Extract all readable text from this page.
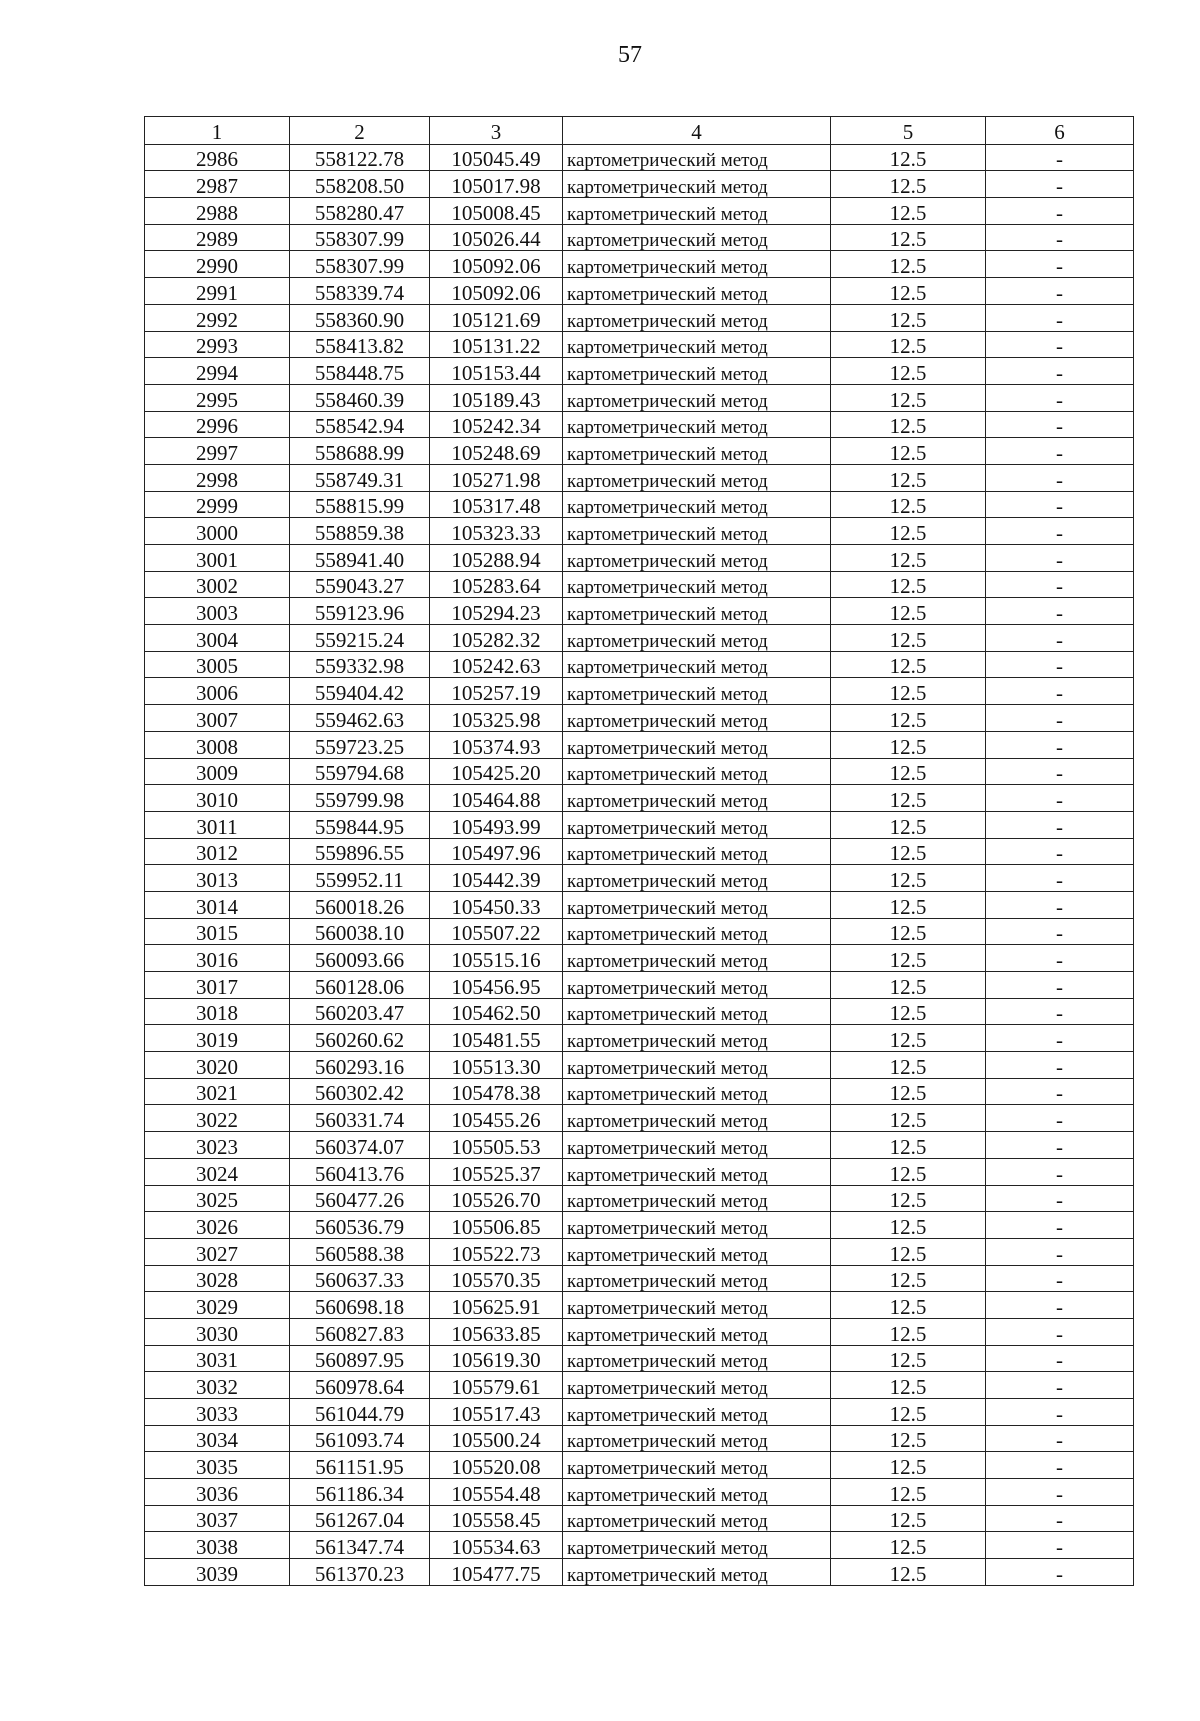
57
1	2	3	4	5	6
2986	558122.78	105045.49	картометрический метод	12.5	-
2987	558208.50	105017.98	картометрический метод	12.5	-
2988	558280.47	105008.45	картометрический метод	12.5	-
2989	558307.99	105026.44	картометрический метод	12.5	-
2990	558307.99	105092.06	картометрический метод	12.5	-
2991	558339.74	105092.06	картометрический метод	12.5	-
2992	558360.90	105121.69	картометрический метод	12.5	-
2993	558413.82	105131.22	картометрический метод	12.5	-
2994	558448.75	105153.44	картометрический метод	12.5	-
2995	558460.39	105189.43	картометрический метод	12.5	-
2996	558542.94	105242.34	картометрический метод	12.5	-
2997	558688.99	105248.69	картометрический метод	12.5	-
2998	558749.31	105271.98	картометрический метод	12.5	-
2999	558815.99	105317.48	картометрический метод	12.5	-
3000	558859.38	105323.33	картометрический метод	12.5	-
3001	558941.40	105288.94	картометрический метод	12.5	-
3002	559043.27	105283.64	картометрический метод	12.5	-
3003	559123.96	105294.23	картометрический метод	12.5	-
3004	559215.24	105282.32	картометрический метод	12.5	-
3005	559332.98	105242.63	картометрический метод	12.5	-
3006	559404.42	105257.19	картометрический метод	12.5	-
3007	559462.63	105325.98	картометрический метод	12.5	-
3008	559723.25	105374.93	картометрический метод	12.5	-
3009	559794.68	105425.20	картометрический метод	12.5	-
3010	559799.98	105464.88	картометрический метод	12.5	-
3011	559844.95	105493.99	картометрический метод	12.5	-
3012	559896.55	105497.96	картометрический метод	12.5	-
3013	559952.11	105442.39	картометрический метод	12.5	-
3014	560018.26	105450.33	картометрический метод	12.5	-
3015	560038.10	105507.22	картометрический метод	12.5	-
3016	560093.66	105515.16	картометрический метод	12.5	-
3017	560128.06	105456.95	картометрический метод	12.5	-
3018	560203.47	105462.50	картометрический метод	12.5	-
3019	560260.62	105481.55	картометрический метод	12.5	-
3020	560293.16	105513.30	картометрический метод	12.5	-
3021	560302.42	105478.38	картометрический метод	12.5	-
3022	560331.74	105455.26	картометрический метод	12.5	-
3023	560374.07	105505.53	картометрический метод	12.5	-
3024	560413.76	105525.37	картометрический метод	12.5	-
3025	560477.26	105526.70	картометрический метод	12.5	-
3026	560536.79	105506.85	картометрический метод	12.5	-
3027	560588.38	105522.73	картометрический метод	12.5	-
3028	560637.33	105570.35	картометрический метод	12.5	-
3029	560698.18	105625.91	картометрический метод	12.5	-
3030	560827.83	105633.85	картометрический метод	12.5	-
3031	560897.95	105619.30	картометрический метод	12.5	-
3032	560978.64	105579.61	картометрический метод	12.5	-
3033	561044.79	105517.43	картометрический метод	12.5	-
3034	561093.74	105500.24	картометрический метод	12.5	-
3035	561151.95	105520.08	картометрический метод	12.5	-
3036	561186.34	105554.48	картометрический метод	12.5	-
3037	561267.04	105558.45	картометрический метод	12.5	-
3038	561347.74	105534.63	картометрический метод	12.5	-
3039	561370.23	105477.75	картометрический метод	12.5	-
